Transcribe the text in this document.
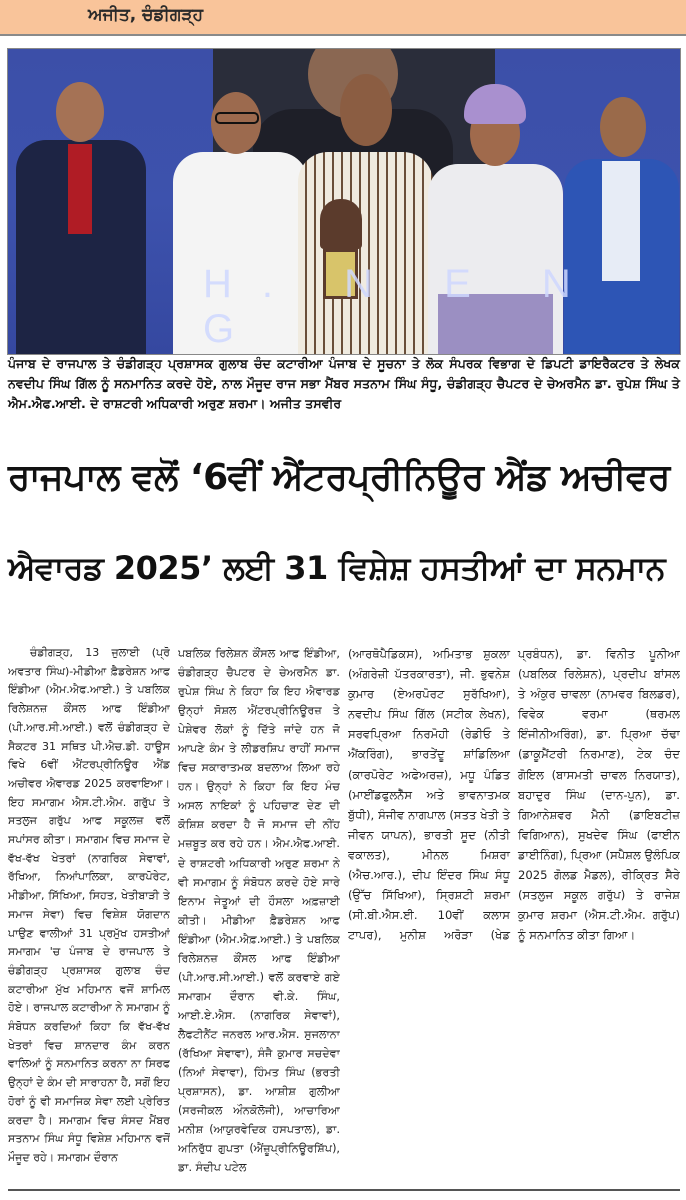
ਅਜੀਤ, ਚੰਡੀਗੜ੍ਹ
H. N E N G
ਪੰਜਾਬ ਦੇ ਰਾਜਪਾਲ ਤੇ ਚੰਡੀਗੜ੍ਹ ਪ੍ਰਸ਼ਾਸਕ ਗੁਲਾਬ ਚੰਦ ਕਟਾਰੀਆ ਪੰਜਾਬ ਦੇ ਸੂਚਨਾ ਤੇ ਲੋਕ ਸੰਪਰਕ ਵਿਭਾਗ ਦੇ ਡਿਪਟੀ ਡਾਇਰੈਕਟਰ ਤੇ ਲੇਖਕ ਨਵਦੀਪ ਸਿੰਘ ਗਿੱਲ ਨੂੰ ਸਨਮਾਨਿਤ ਕਰਦੇ ਹੋਏ, ਨਾਲ ਮੌਜੂਦ ਰਾਜ ਸਭਾ ਮੈਂਬਰ ਸਤਨਾਮ ਸਿੰਘ ਸੰਧੂ, ਚੰਡੀਗੜ੍ਹ ਚੈਪਟਰ ਦੇ ਚੇਅਰਮੈਨ ਡਾ. ਰੁਪੇਸ਼ ਸਿੰਘ ਤੇ ਐਮ.ਐਫ.ਆਈ. ਦੇ ਰਾਸ਼ਟਰੀ ਅਧਿਕਾਰੀ ਅਰੁਣ ਸ਼ਰਮਾ। ਅਜੀਤ ਤਸਵੀਰ
ਰਾਜਪਾਲ ਵਲੋਂ ‘6ਵੀਂ ਐਂਟਰਪ੍ਰੀਨਿਊਰ ਐਂਡ ਅਚੀਵਰ
ਐਵਾਰਡ 2025’ ਲਈ 31 ਵਿਸ਼ੇਸ਼ ਹਸਤੀਆਂ ਦਾ ਸਨਮਾਨ
ਚੰਡੀਗੜ੍ਹ, 13 ਜੁਲਾਈ (ਪ੍ਰੋ ਅਵਤਾਰ ਸਿੰਘ)-ਮੀਡੀਆ ਫ਼ੈਡਰੇਸ਼ਨ ਆਫ ਇੰਡੀਆ (ਐਮ.ਐਫ.ਆਈ.) ਤੇ ਪਬਲਿਕ ਰਿਲੇਸ਼ਨਜ਼ ਕੌਂਸਲ ਆਫ ਇੰਡੀਆ (ਪੀ.ਆਰ.ਸੀ.ਆਈ.) ਵਲੋਂ ਚੰਡੀਗੜ੍ਹ ਦੇ ਸੈਕਟਰ 31 ਸਥਿਤ ਪੀ.ਐਚ.ਡੀ. ਹਾਊਸ ਵਿਖੇ 6ਵੀਂ ਐਂਟਰਪ੍ਰੀਨਿਊਰ ਐਂਡ ਅਚੀਵਰ ਐਵਾਰਡ 2025 ਕਰਵਾਇਆ। ਇਹ ਸਮਾਗਮ ਐਸ.ਟੀ.ਐਮ. ਗਰੁੱਪ ਤੇ ਸਤਲੁਜ ਗਰੁੱਪ ਆਫ ਸਕੂਲਜ਼ ਵਲੋਂ ਸਪਾਂਸਰ ਕੀਤਾ। ਸਮਾਗਮ ਵਿਚ ਸਮਾਜ ਦੇ ਵੱਖ-ਵੱਖ ਖੇਤਰਾਂ (ਨਾਗਰਿਕ ਸੇਵਾਵਾਂ, ਰੱਖਿਆ, ਨਿਆਂਪਾਲਿਕਾ, ਕਾਰਪੋਰੇਟ, ਮੀਡੀਆ, ਸਿੱਖਿਆ, ਸਿਹਤ, ਖੇਤੀਬਾੜੀ ਤੇ ਸਮਾਜ ਸੇਵਾ) ਵਿਚ ਵਿਸ਼ੇਸ਼ ਯੋਗਦਾਨ ਪਾਉਣ ਵਾਲੀਆਂ 31 ਪ੍ਰਮੁੱਖ ਹਸਤੀਆਂ ਸਮਾਗਮ 'ਚ ਪੰਜਾਬ ਦੇ ਰਾਜਪਾਲ ਤੇ ਚੰਡੀਗੜ੍ਹ ਪ੍ਰਸ਼ਾਸਕ ਗੁਲਾਬ ਚੰਦ ਕਟਾਰੀਆ ਮੁੱਖ ਮਹਿਮਾਨ ਵਜੋਂ ਸ਼ਾਮਿਲ ਹੋਏ। ਰਾਜਪਾਲ ਕਟਾਰੀਆ ਨੇ ਸਮਾਗਮ ਨੂੰ ਸੰਬੋਧਨ ਕਰਦਿਆਂ ਕਿਹਾ ਕਿ ਵੱਖ-ਵੱਖ ਖੇਤਰਾਂ ਵਿਚ ਸ਼ਾਨਦਾਰ ਕੰਮ ਕਰਨ ਵਾਲਿਆਂ ਨੂੰ ਸਨਮਾਨਿਤ ਕਰਨਾ ਨਾ ਸਿਰਫ ਉਨ੍ਹਾਂ ਦੇ ਕੰਮ ਦੀ ਸਾਰਾਹਨਾ ਹੈ, ਸਗੋਂ ਇਹ ਹੋਰਾਂ ਨੂੰ ਵੀ ਸਮਾਜਿਕ ਸੇਵਾ ਲਈ ਪ੍ਰੇਰਿਤ ਕਰਦਾ ਹੈ। ਸਮਾਗਮ ਵਿਚ ਸੰਸਦ ਮੈਂਬਰ ਸਤਨਾਮ ਸਿੰਘ ਸੰਧੂ ਵਿਸ਼ੇਸ਼ ਮਹਿਮਾਨ ਵਜੋਂ ਮੌਜੂਦ ਰਹੇ। ਸਮਾਗਮ ਦੌਰਾਨ
ਪਬਲਿਕ ਰਿਲੇਸ਼ਨ ਕੌਂਸਲ ਆਫ ਇੰਡੀਆ, ਚੰਡੀਗੜ੍ਹ ਚੈਪਟਰ ਦੇ ਚੇਅਰਮੈਨ ਡਾ. ਰੁਪੇਸ਼ ਸਿੰਘ ਨੇ ਕਿਹਾ ਕਿ ਇਹ ਐਵਾਰਡ ਉਨ੍ਹਾਂ ਸੋਸ਼ਲ ਐਂਟਰਪ੍ਰੀਨਿਊਰਜ਼ ਤੇ ਪੇਸ਼ੇਵਰ ਲੋਕਾਂ ਨੂੰ ਦਿੱਤੇ ਜਾਂਦੇ ਹਨ ਜੋ ਆਪਣੇ ਕੰਮ ਤੇ ਲੀਡਰਸ਼ਿਪ ਰਾਹੀਂ ਸਮਾਜ ਵਿਚ ਸਕਾਰਾਤਮਕ ਬਦਲਾਅ ਲਿਆ ਰਹੇ ਹਨ। ਉਨ੍ਹਾਂ ਨੇ ਕਿਹਾ ਕਿ ਇਹ ਮੰਚ ਅਸਲ ਨਾਇਕਾਂ ਨੂੰ ਪਹਿਚਾਣ ਦੇਣ ਦੀ ਕੋਸ਼ਿਸ਼ ਕਰਦਾ ਹੈ ਜੋ ਸਮਾਜ ਦੀ ਨੀਂਹ ਮਜ਼ਬੂਤ ਕਰ ਰਹੇ ਹਨ। ਐਮ.ਐਫ.ਆਈ. ਦੇ ਰਾਸ਼ਟਰੀ ਅਧਿਕਾਰੀ ਅਰੁਣ ਸ਼ਰਮਾ ਨੇ ਵੀ ਸਮਾਗਮ ਨੂੰ ਸੰਬੋਧਨ ਕਰਦੇ ਹੋਏ ਸਾਰੇ ਇਨਾਮ ਜੇਤੂਆਂ ਦੀ ਹੌਸਲਾ ਅਫ਼ਜ਼ਾਈ ਕੀਤੀ। ਮੀਡੀਆ ਫ਼ੈਡਰੇਸ਼ਨ ਆਫ ਇੰਡੀਆ (ਐਮ.ਐਫ਼.ਆਈ.) ਤੇ ਪਬਲਿਕ ਰਿਲੇਸ਼ਨਜ਼ ਕੌਂਸਲ ਆਫ ਇੰਡੀਆ (ਪੀ.ਆਰ.ਸੀ.ਆਈ.) ਵਲੋਂ ਕਰਵਾਏ ਗਏ ਸਮਾਗਮ ਦੌਰਾਨ ਵੀ.ਕੇ. ਸਿੰਘ, ਆਈ.ਏ.ਐਸ. (ਨਾਗਰਿਕ ਸੇਵਾਵਾਂ), ਲੈਫਟੀਨੈਂਟ ਜਨਰਲ ਆਰ.ਐਸ. ਸੁਜਲਾਨਾ (ਰੱਖਿਆ ਸੇਵਾਵਾ), ਸੰਜੈ ਕੁਮਾਰ ਸਚਦੇਵਾ (ਨਿਆਂ ਸੇਵਾਵਾ), ਹਿੰਮਤ ਸਿੰਘ (ਭਰਤੀ ਪ੍ਰਸ਼ਾਸਨ), ਡਾ. ਆਸ਼ੀਸ਼ ਗੁਲੀਆ (ਸਰਜੀਕਲ ਔਨਕੋਲੋਜੀ), ਆਚਾਰਿਆ ਮਨੀਸ਼ (ਆਯੁਰਵੇਦਿਕ ਹਸਪਤਾਲ), ਡਾ. ਅਨਿਰੁੱਧ ਗੁਪਤਾ (ਐਂਜ਼ੂਪ੍ਰੀਨਿਊਰਸ਼ਿੱਪ), ਡਾ. ਸੰਦੀਪ ਪਟੇਲ
(ਆਰਥੋਪੈਡਿਕਸ), ਅਮਿਤਾਭ ਸ਼ੁਕਲਾ (ਅੰਗਰੇਜ਼ੀ ਪੱਤਰਕਾਰਤਾ), ਜੀ. ਭੁਵਨੇਸ਼ ਕੁਮਾਰ (ਏਅਰਪੋਰਟ ਸੁਰੱਖਿਆ), ਨਵਦੀਪ ਸਿੰਘ ਗਿੱਲ (ਸਟੀਕ ਲੇਖਨ), ਸਰਵਪ੍ਰਿਆ ਨਿਰਮੋਹੀ (ਰੇਡੀਓ ਤੇ ਐਂਕਰਿੰਗ), ਭਾਰਤੇਂਦੂ ਸ਼ਾਂਡਿਲਿਆ (ਕਾਰਪੋਰੇਟ ਅਫੇਅਰਜ਼), ਮਧੂ ਪੰਡਿਤ (ਮਾਈਂਡਫੁਲਨੈੱਸ ਅਤੇ ਭਾਵਨਾਤਮਕ ਬੁੱਧੀ), ਸੰਜੀਵ ਨਾਗਪਾਲ (ਸਤਤ ਖੇਤੀ ਤੇ ਜੀਵਨ ਯਾਪਨ), ਭਾਰਤੀ ਸੂਦ (ਨੀਤੀ ਵਕਾਲਤ), ਮੀਨਲ ਮਿਸ਼ਰਾ (ਐਚ.ਆਰ.), ਦੀਪ ਇੰਦਰ ਸਿੰਘ ਸੰਧੂ (ਉੱਚ ਸਿੱਖਿਆ), ਸ੍ਰਿਸ਼ਟੀ ਸ਼ਰਮਾ (ਸੀ.ਬੀ.ਐਸ.ਈ. 10ਵੀਂ ਕਲਾਸ ਟਾਪਰ), ਮੁਨੀਸ਼ ਅਰੋੜਾ (ਖੇਡ ਪ੍ਰਬੰਧਨ), ਡਾ. ਵਿਨੀਤ ਪੂਨੀਆ (ਪਬਲਿਕ ਰਿਲੇਸ਼ਨ), ਪ੍ਰਦੀਪ ਬਾਂਸਲ ਤੇ ਅੰਕੁਰ ਚਾਵਲਾ (ਨਾਮਵਰ ਬਿਲਡਰ), ਵਿਵੇਕ ਵਰਮਾ (ਥਰਮਲ ਇੰਜੀਨੀਅਰਿੰਗ), ਡਾ. ਪ੍ਰਿਆ ਚੱਢਾ (ਡਾਕੂਮੈਂਟਰੀ ਨਿਰਮਾਣ), ਟੇਕ ਚੰਦ ਗੋਇਲ (ਬਾਸਮਤੀ ਚਾਵਲ ਨਿਰਯਾਤ), ਬਹਾਦੁਰ ਸਿੰਘ (ਦਾਨ-ਪੁਨ), ਡਾ. ਗਿਆਨੇਸ਼ਵਰ ਮੈਨੀ (ਡਾਇਬਟੀਜ਼ ਵਿਗਿਆਨ), ਸੁਖਦੇਵ ਸਿੰਘ (ਫਾਈਨ ਡਾਈਨਿੰਗ), ਪ੍ਰਿਆ (ਸਪੈਸ਼ਲ ਉਲੰਪਿਕ 2025 ਗੋਲਡ ਮੈਡਲ), ਰੀਕ੍ਰਿਤ ਸੈਰੇ (ਸਤਲੁਜ ਸਕੂਲ ਗਰੁੱਪ) ਤੇ ਰਾਜੇਸ਼ ਕੁਮਾਰ ਸ਼ਰਮਾ (ਐਸ.ਟੀ.ਐਮ. ਗਰੁੱਪ) ਨੂੰ ਸਨਮਾਨਿਤ ਕੀਤਾ ਗਿਆ।
